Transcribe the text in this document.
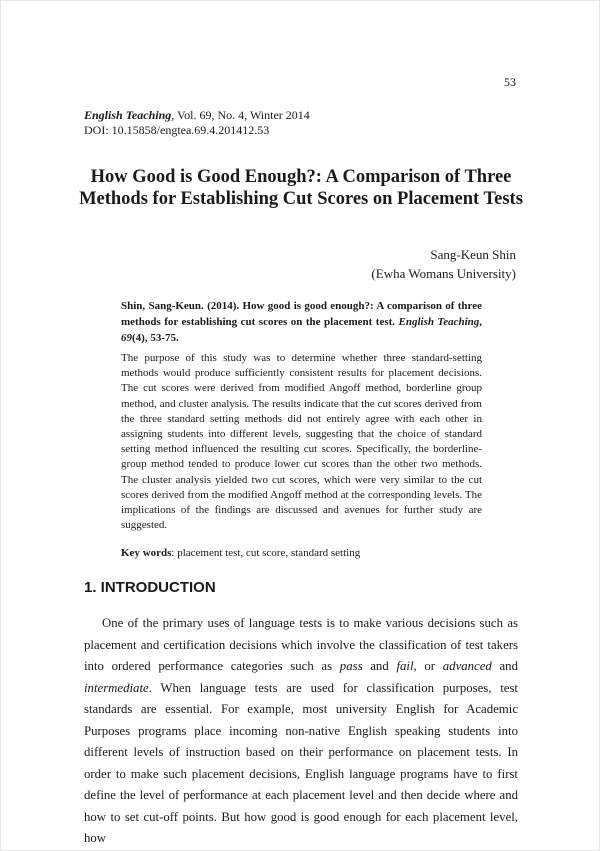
53
English Teaching, Vol. 69, No. 4, Winter 2014
DOI: 10.15858/engtea.69.4.201412.53
How Good is Good Enough?: A Comparison of Three
Methods for Establishing Cut Scores on Placement Tests
Sang-Keun Shin
(Ewha Womans University)
Shin, Sang-Keun. (2014). How good is good enough?: A comparison of three methods for establishing cut scores on the placement test. English Teaching, 69(4), 53-75.
The purpose of this study was to determine whether three standard-setting methods would produce sufficiently consistent results for placement decisions. The cut scores were derived from modified Angoff method, borderline group method, and cluster analysis. The results indicate that the cut scores derived from the three standard setting methods did not entirely agree with each other in assigning students into different levels, suggesting that the choice of standard setting method influenced the resulting cut scores. Specifically, the borderline-group method tended to produce lower cut scores than the other two methods. The cluster analysis yielded two cut scores, which were very similar to the cut scores derived from the modified Angoff method at the corresponding levels. The implications of the findings are discussed and avenues for further study are suggested.
Key words: placement test, cut score, standard setting
1. INTRODUCTION

One of the primary uses of language tests is to make various decisions such as placement and certification decisions which involve the classification of test takers into ordered performance categories such as pass and fail, or advanced and intermediate. When language tests are used for classification purposes, test standards are essential. For example, most university English for Academic Purposes programs place incoming non-native English speaking students into different levels of instruction based on their performance on placement tests. In order to make such placement decisions, English language programs have to first define the level of performance at each placement level and then decide where and how to set cut-off points. But how good is good enough for each placement level, how
